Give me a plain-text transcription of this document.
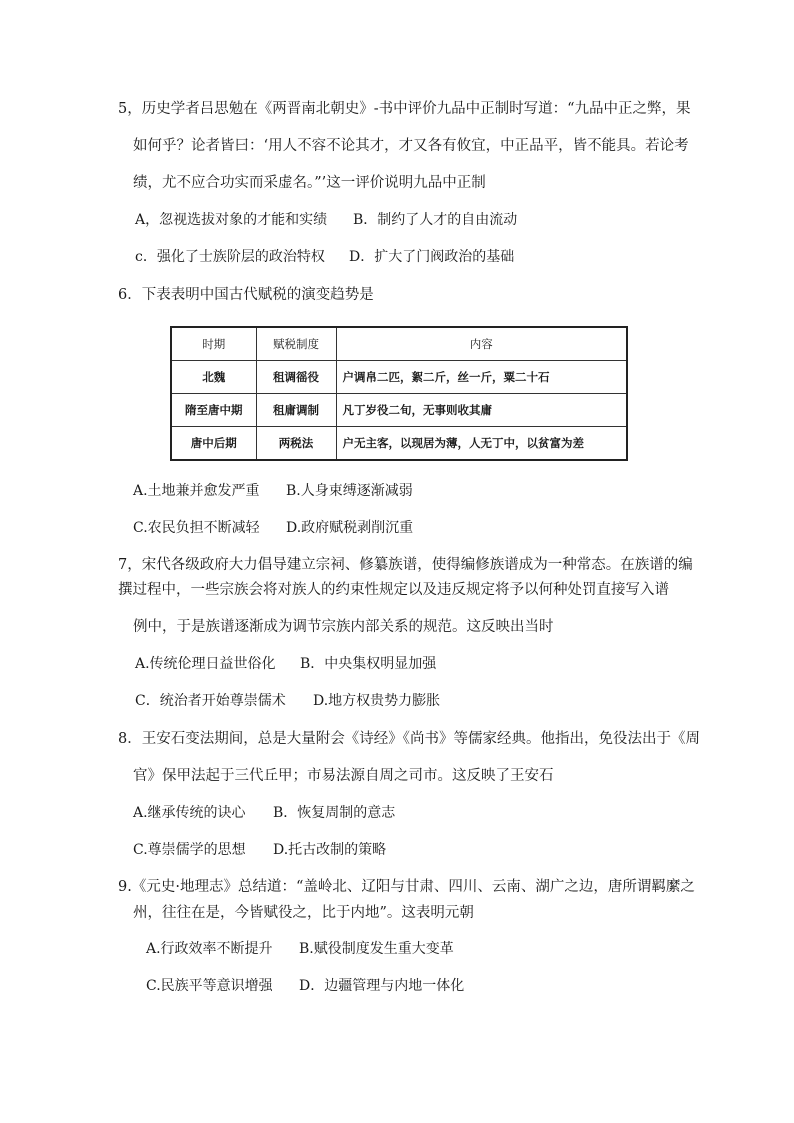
5，历史学者吕思勉在《两晋南北朝史》-书中评价九品中正制时写道：“九品中正之弊，果
如何乎？论者皆曰：‘用人不容不论其才，才又各有攸宜，中正品平，皆不能具。若论考
绩，尤不应合功实而采虚名。”’这一评价说明九品中正制
A，忽视选拔对象的才能和实绩 B．制约了人才的自由流动
c．强化了士族阶层的政治特权 D．扩大了门阀政治的基础
6．下表表明中国古代赋税的演变趋势是
时期	赋税制度	内容
北魏	租调徭役	户调帛二匹，絮二斤，丝一斤，粟二十石
隋至唐中期	租庸调制	凡丁岁役二旬，无事则收其庸
唐中后期	两税法	户无主客，以现居为薄，人无丁中，以贫富为差
A.土地兼并愈发严重 B.人身束缚逐渐减弱
C.农民负担不断减轻 D.政府赋税剥削沉重
7，宋代各级政府大力倡导建立宗祠、修纂族谱，使得编修族谱成为一种常态。在族谱的编
撰过程中，一些宗族会将对族人的约束性规定以及违反规定将予以何种处罚直接写入谱
例中，于是族谱逐渐成为调节宗族内部关系的规范。这反映出当时
A.传统伦理日益世俗化 B．中央集权明显加强
C．统治者开始尊崇儒术 D.地方权贵势力膨胀
8．王安石变法期间，总是大量附会《诗经》《尚书》等儒家经典。他指出，免役法出于《周
官》保甲法起于三代丘甲；市易法源自周之司市。这反映了王安石
A.继承传统的诀心 B．恢复周制的意志
C.尊崇儒学的思想 D.托古改制的策略
9.《元史·地理志》总结道：“盖岭北、辽阳与甘肃、四川、云南、湖广之边，唐所谓羁縻之
州，往往在是，今皆赋役之，比于内地”。这表明元朝
A.行政效率不断提升 B.赋役制度发生重大变革
C.民族平等意识增强 D．边疆管理与内地一体化
